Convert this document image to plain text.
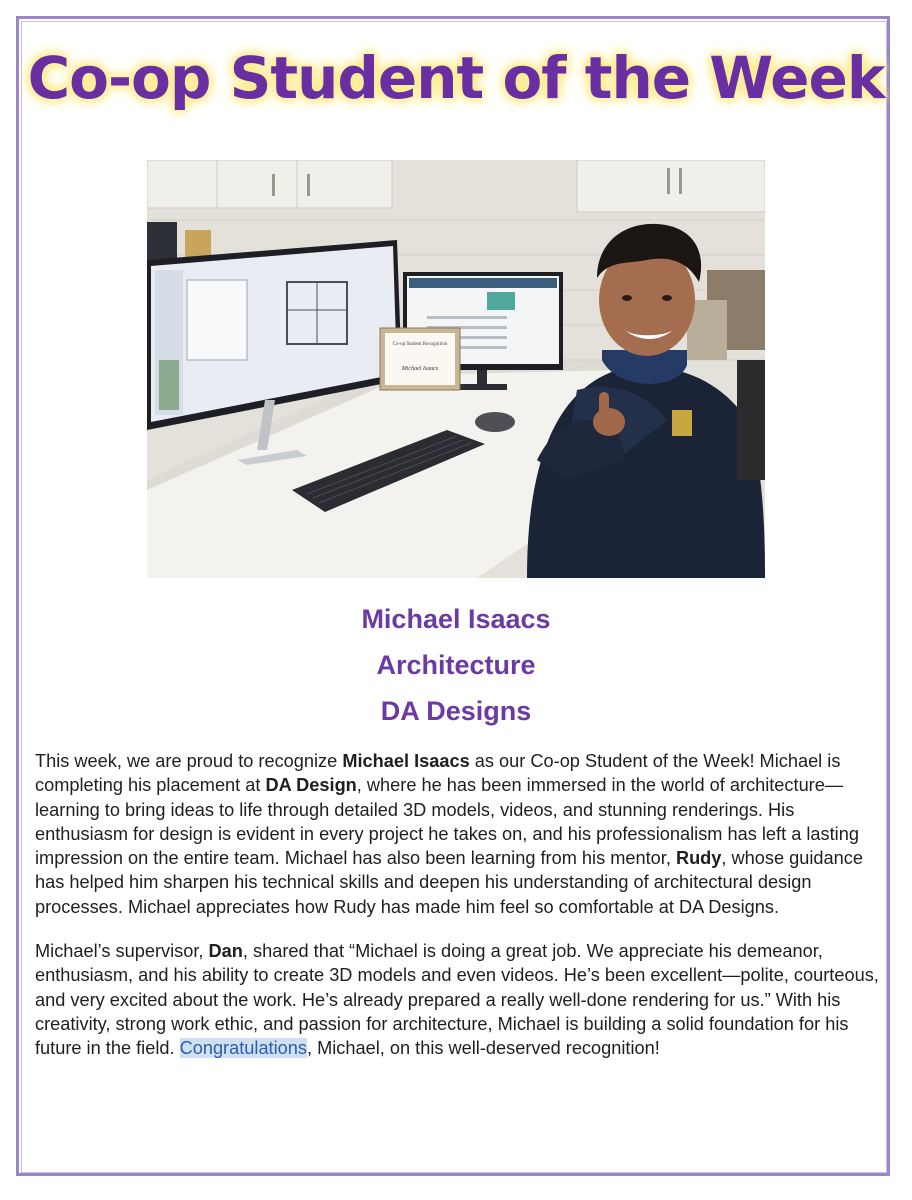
Co-op Student of the Week
Co-op Student Recognition
Michael Isaacs
Michael Isaacs
Architecture
DA Designs

This week, we are proud to recognize Michael Isaacs as our Co-op Student of the Week! Michael is completing his placement at DA Design, where he has been immersed in the world of architecture—learning to bring ideas to life through detailed 3D models, videos, and stunning renderings. His enthusiasm for design is evident in every project he takes on, and his professionalism has left a lasting impression on the entire team. Michael has also been learning from his mentor, Rudy, whose guidance has helped him sharpen his technical skills and deepen his understanding of architectural design processes. Michael appreciates how Rudy has made him feel so comfortable at DA Designs.

Michael’s supervisor, Dan, shared that “Michael is doing a great job. We appreciate his demeanor, enthusiasm, and his ability to create 3D models and even videos. He’s been excellent—polite, courteous, and very excited about the work. He’s already prepared a really well-done rendering for us.” With his creativity, strong work ethic, and passion for architecture, Michael is building a solid foundation for his future in the field. Congratulations, Michael, on this well-deserved recognition!
